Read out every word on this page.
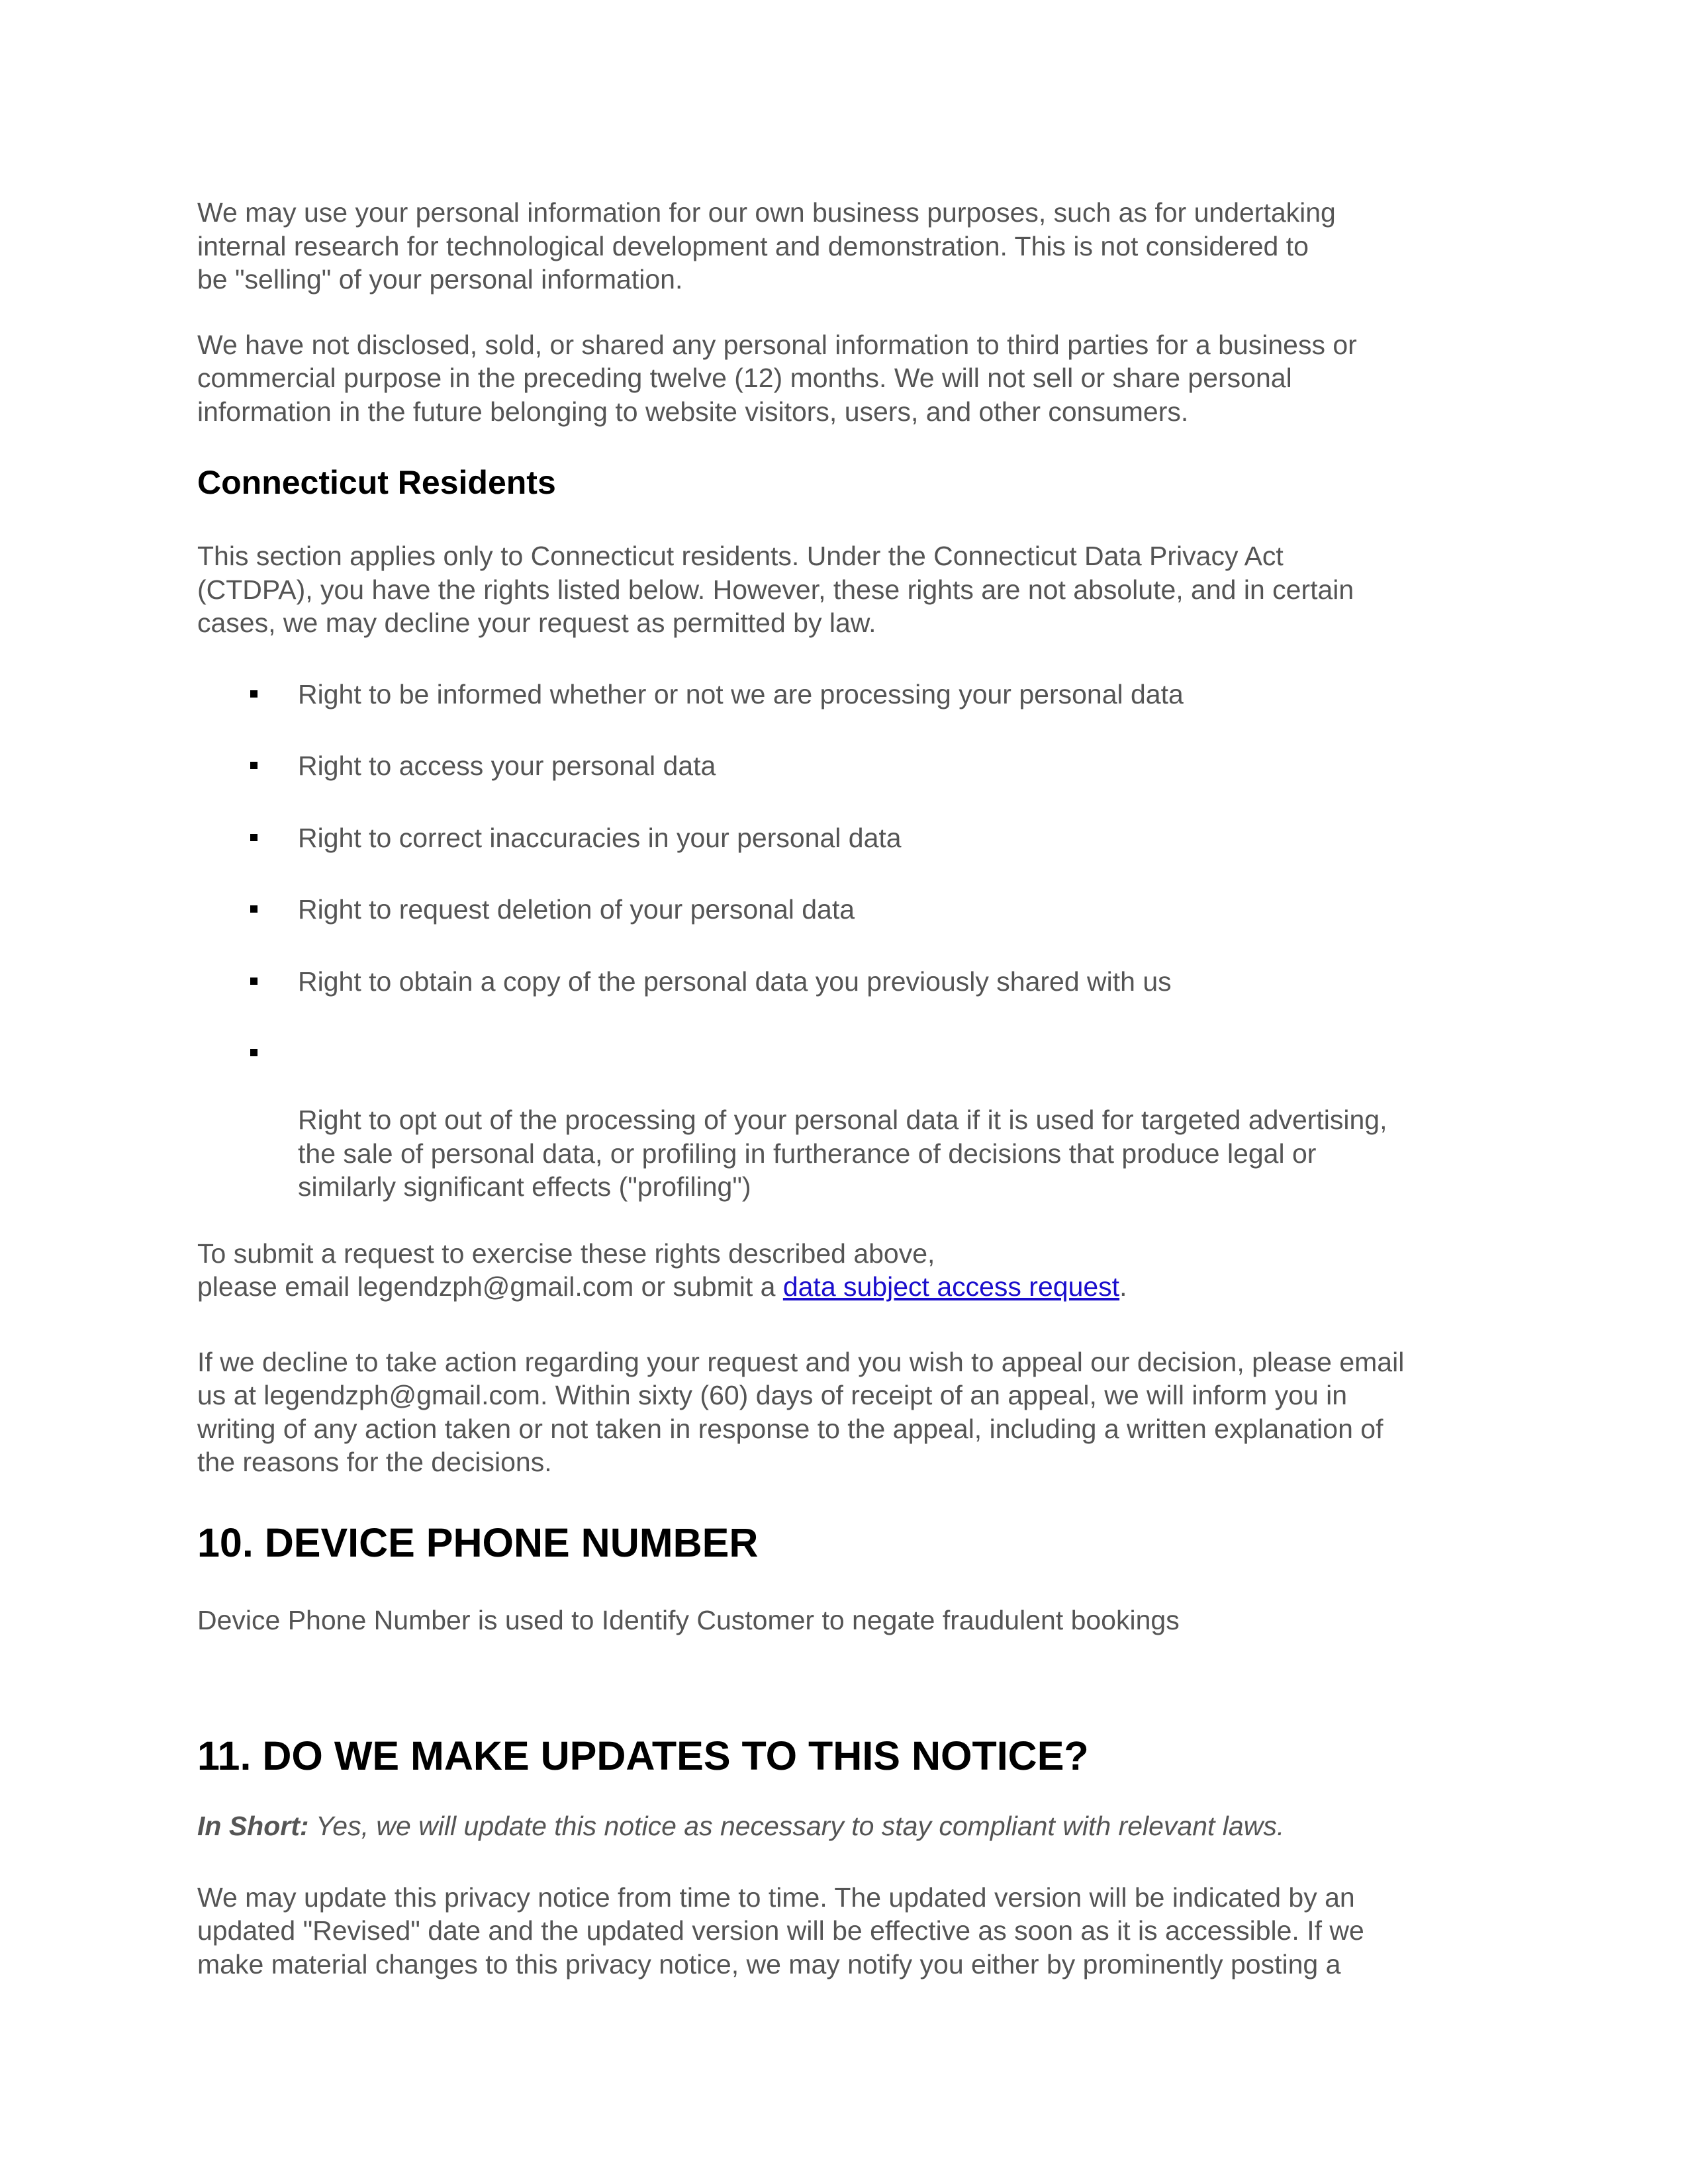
We may use your personal information for our own business purposes, such as for undertaking
internal research for technological development and demonstration. This is not considered to
be "selling" of your personal information.

We have not disclosed, sold, or shared any personal information to third parties for a business or
commercial purpose in the preceding twelve (12) months. We will not sell or share personal
information in the future belonging to website visitors, users, and other consumers.

Connecticut Residents

This section applies only to Connecticut residents. Under the Connecticut Data Privacy Act
(CTDPA), you have the rights listed below. However, these rights are not absolute, and in certain
cases, we may decline your request as permitted by law.

Right to be informed whether or not we are processing your personal data
Right to access your personal data
Right to correct inaccuracies in your personal data
Right to request deletion of your personal data
Right to obtain a copy of the personal data you previously shared with us

Right to opt out of the processing of your personal data if it is used for targeted advertising,
the sale of personal data, or profiling in furtherance of decisions that produce legal or
similarly significant effects ("profiling")

To submit a request to exercise these rights described above,
please email legendzph@gmail.com or submit a data subject access request.

If we decline to take action regarding your request and you wish to appeal our decision, please email
us at legendzph@gmail.com. Within sixty (60) days of receipt of an appeal, we will inform you in
writing of any action taken or not taken in response to the appeal, including a written explanation of
the reasons for the decisions.

10. DEVICE PHONE NUMBER

Device Phone Number is used to Identify Customer to negate fraudulent bookings

11. DO WE MAKE UPDATES TO THIS NOTICE?

In Short: Yes, we will update this notice as necessary to stay compliant with relevant laws.

We may update this privacy notice from time to time. The updated version will be indicated by an
updated "Revised" date and the updated version will be effective as soon as it is accessible. If we
make material changes to this privacy notice, we may notify you either by prominently posting a
